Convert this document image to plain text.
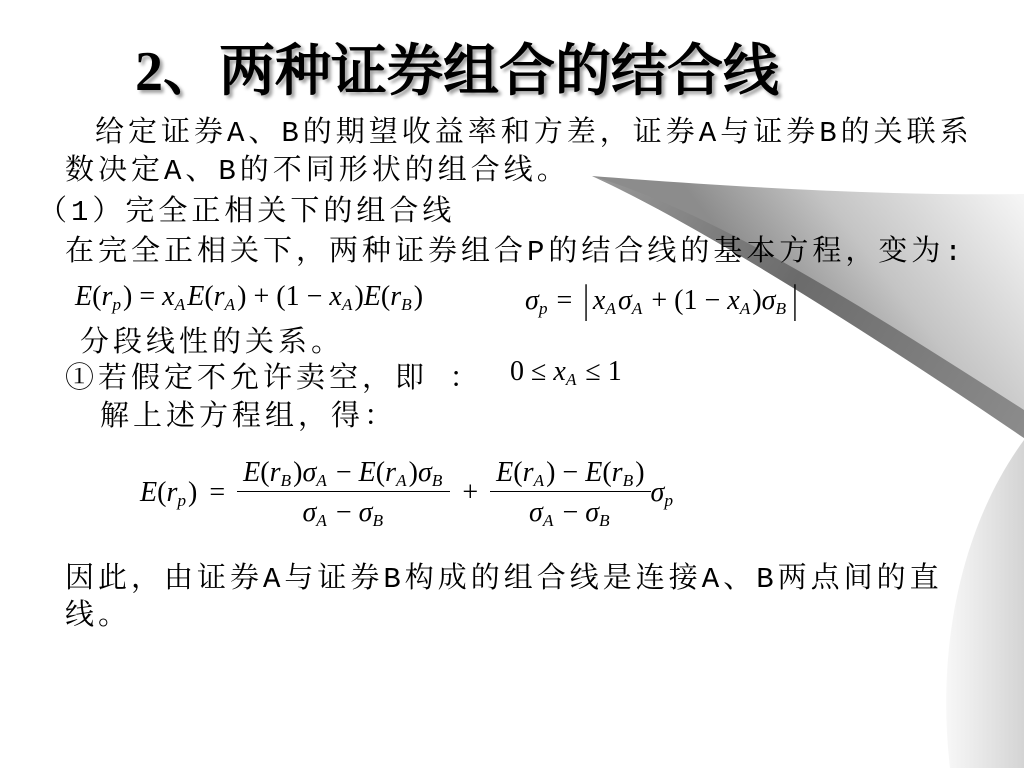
2、两种证券组合的结合线

给定证券A、B的期望收益率和方差，证券A与证券B的关联系

数决定A、B的不同形状的组合线。

（1）完全正相关下的组合线

在完全正相关下，两种证券组合P的结合线的基本方程，变为:

$E(r_p) = x_AE(r_A) + (1 - x_A)E(r_B)$	$\sigma_p$ = | $x_A\sigma_A + (1 - x_A)\sigma_B$ |

分段线性的关系。

①若假定不允许卖空，即 ： $0 \le x_A \le 1$

解上述方程组，得：

$E(r_p) = \frac{E(r_B)\sigma_A - E(r_A)\sigma_B}{\sigma_A - \sigma_B} + \frac{E(r_A) - E(r_B)}{\sigma_A - \sigma_B} \sigma_p$

因此，由证券A与证券B构成的组合线是连接A、B两点间的直

线。
